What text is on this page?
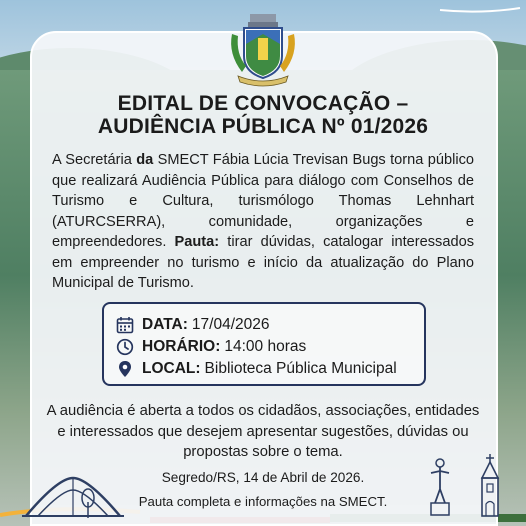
EDITAL DE CONVOCAÇÃO –
AUDIÊNCIA PÚBLICA Nº 01/2026
A Secretária da SMECT Fábia Lúcia Trevisan Bugs torna público que realizará Audiência Pública para diálogo com Conselhos de Turismo e Cultura, turismólogo Thomas Lehnhart (ATURCSERRA), comunidade, organizações e empreendedores. Pauta: tirar dúvidas, catalogar interessados em empreender no turismo e início da atualização do Plano Municipal de Turismo.
DATA: 17/04/2026
HORÁRIO: 14:00 horas
LOCAL: Biblioteca Pública Municipal
A audiência é aberta a todos os cidadãos, associações, entidades e interessados que desejem apresentar sugestões, dúvidas ou propostas sobre o tema.
Segredo/RS, 14 de Abril de 2026.
Pauta completa e informações na SMECT.
